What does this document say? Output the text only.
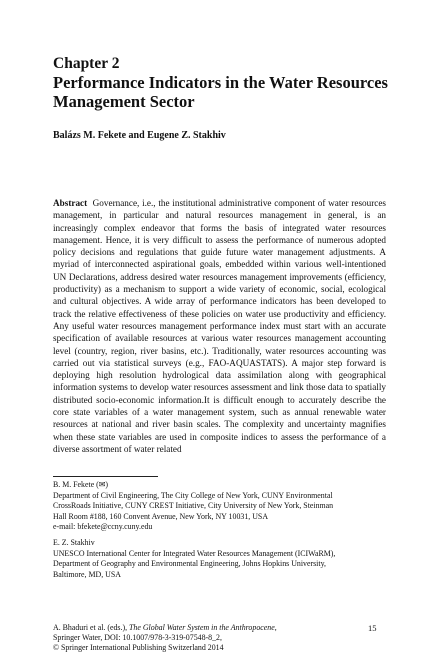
Chapter 2
Performance Indicators in the Water Resources Management Sector
Balázs M. Fekete and Eugene Z. Stakhiv

Abstract Governance, i.e., the institutional administrative component of water resources management, in particular and natural resources management in general, is an increasingly complex endeavor that forms the basis of integrated water resources management. Hence, it is very difficult to assess the performance of numerous adopted policy decisions and regulations that guide future water management adjustments. A myriad of interconnected aspirational goals, embedded within various well-intentioned UN Declarations, address desired water resources management improvements (efficiency, productivity) as a mechanism to support a wide variety of economic, social, ecological and cultural objectives. A wide array of performance indicators has been developed to track the relative effectiveness of these policies on water use productivity and efficiency. Any useful water resources management performance index must start with an accurate specification of available resources at various water resources management accounting level (country, region, river basins, etc.). Traditionally, water resources accounting was carried out via statistical surveys (e.g., FAO-AQUASTATS). A major step forward is deploying high resolution hydrological data assimilation along with geographical information systems to develop water resources assessment and link those data to spatially distributed socio-economic information.It is difficult enough to accurately describe the core state variables of a water management system, such as annual renewable water resources at national and river basin scales. The complexity and uncertainty magnifies when these state variables are used in composite indices to assess the performance of a diverse assortment of water related

B. M. Fekete (✉)
Department of Civil Engineering, The City College of New York, CUNY Environmental
CrossRoads Initiative, CUNY CREST Initiative, City University of New York, Steinman
Hall Room #188, 160 Convent Avenue, New York, NY 10031, USA
e-mail: bfekete@ccny.cuny.edu
E. Z. Stakhiv
UNESCO International Center for Integrated Water Resources Management (ICIWaRM),
Department of Geography and Environmental Engineering, Johns Hopkins University,
Baltimore, MD, USA
A. Bhaduri et al. (eds.), The Global Water System in the Anthropocene,
Springer Water, DOI: 10.1007/978-3-319-07548-8_2,
© Springer International Publishing Switzerland 2014
15
